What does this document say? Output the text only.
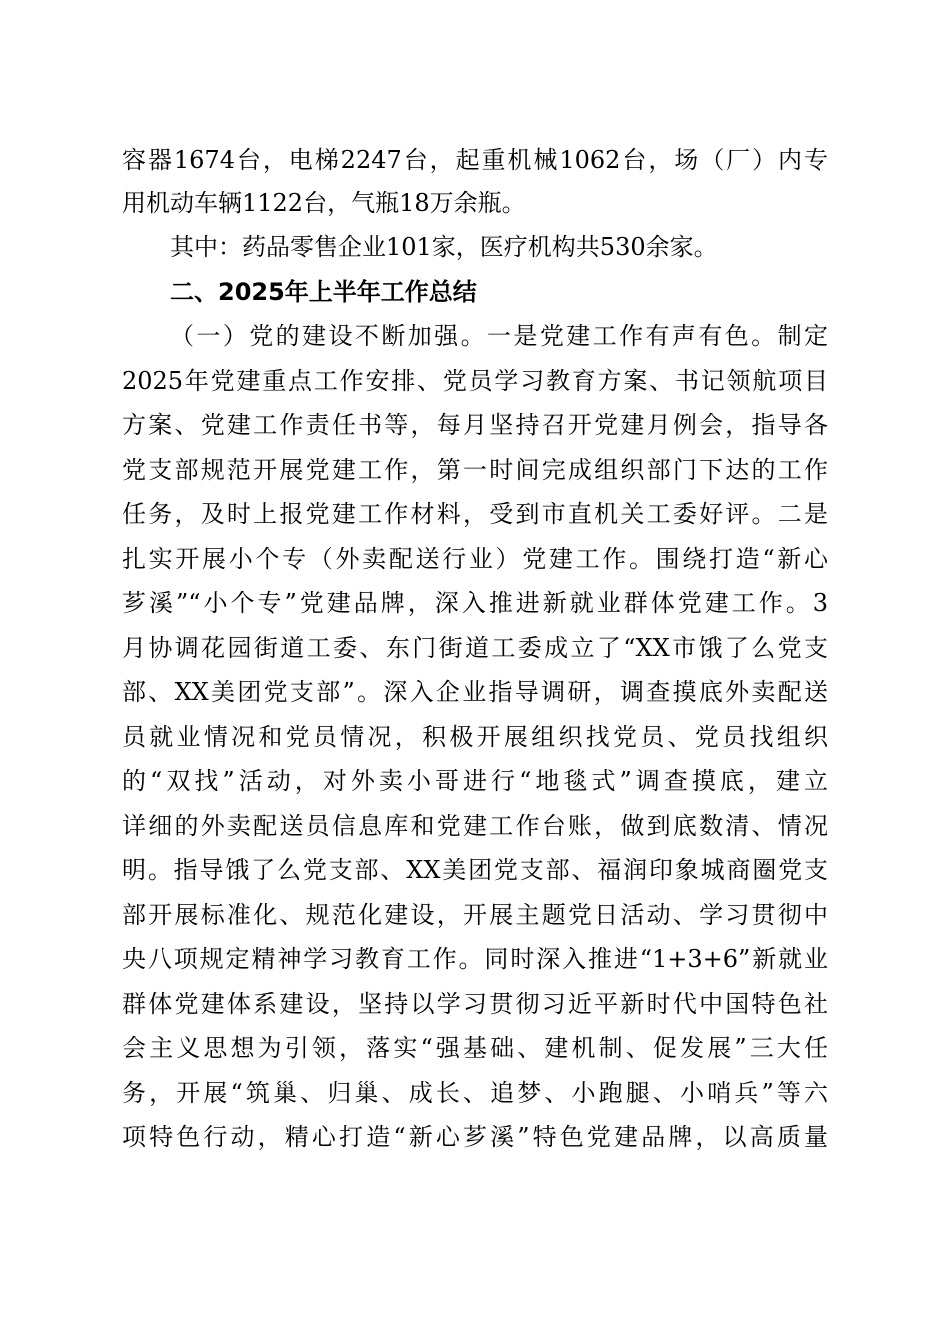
容器1674台，电梯2247台，起重机械1062台，场（厂）内专

用机动车辆1122台，气瓶18万余瓶。

其中：药品零售企业101家，医疗机构共530余家。

二、2025年上半年工作总结

（一）党的建设不断加强。一是党建工作有声有色。制定

2025年党建重点工作安排、党员学习教育方案、书记领航项目

方案、党建工作责任书等，每月坚持召开党建月例会，指导各

党支部规范开展党建工作，第一时间完成组织部门下达的工作

任务，及时上报党建工作材料，受到市直机关工委好评。二是

扎实开展小个专（外卖配送行业）党建工作。围绕打造“新心

芗溪”“小个专”党建品牌，深入推进新就业群体党建工作。3

月协调花园街道工委、东门街道工委成立了“XX市饿了么党支

部、XX美团党支部”。深入企业指导调研，调查摸底外卖配送

员就业情况和党员情况，积极开展组织找党员、党员找组织

的“双找”活动，对外卖小哥进行“地毯式”调查摸底，建立

详细的外卖配送员信息库和党建工作台账，做到底数清、情况

明。指导饿了么党支部、XX美团党支部、福润印象城商圈党支

部开展标准化、规范化建设，开展主题党日活动、学习贯彻中

央八项规定精神学习教育工作。同时深入推进“1+3+6”新就业

群体党建体系建设，坚持以学习贯彻习近平新时代中国特色社

会主义思想为引领，落实“强基础、建机制、促发展”三大任

务，开展“筑巢、归巢、成长、追梦、小跑腿、小哨兵”等六

项特色行动，精心打造“新心芗溪”特色党建品牌，以高质量
